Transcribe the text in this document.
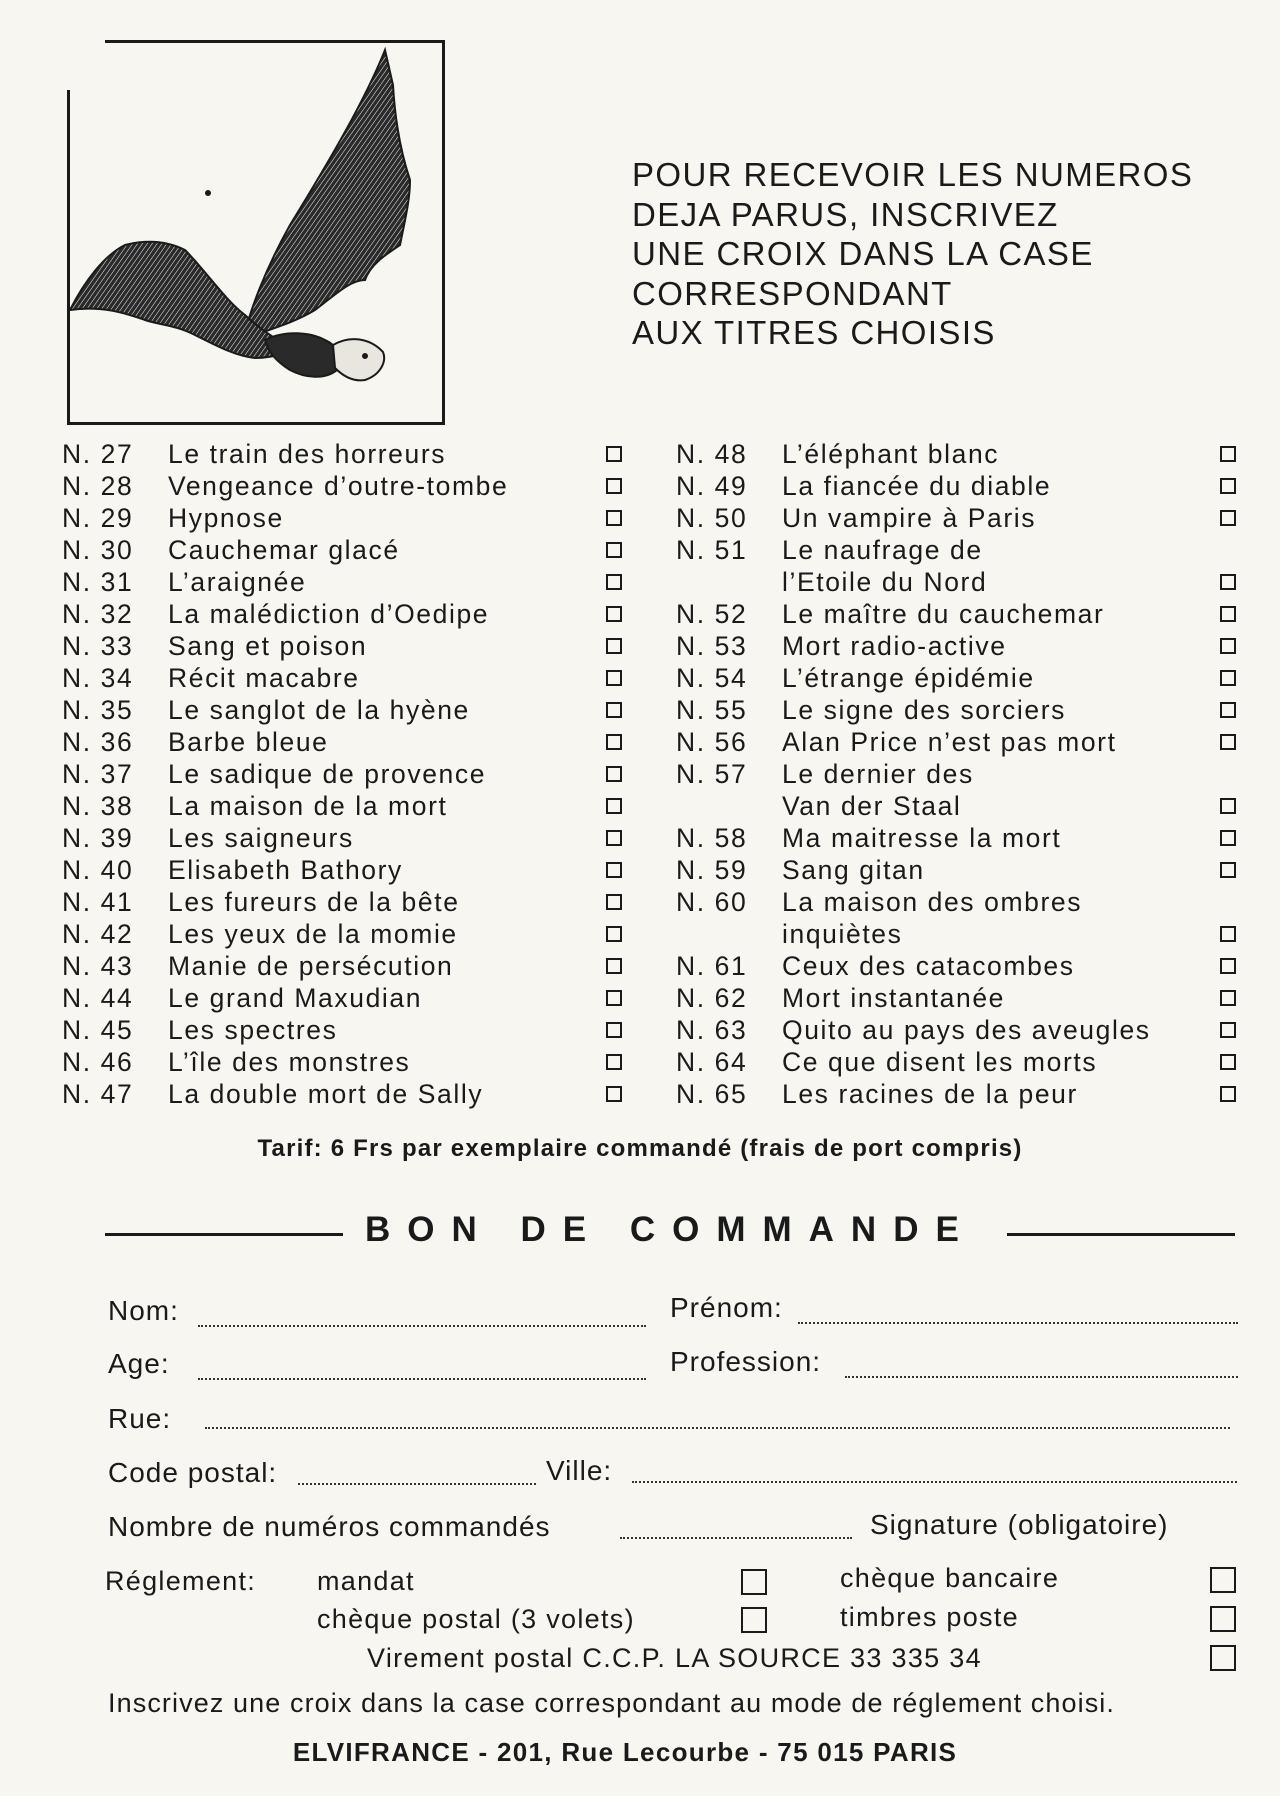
POUR RECEVOIR LES NUMEROS
DEJA PARUS, INSCRIVEZ
UNE CROIX DANS LA CASE
CORRESPONDANT
AUX TITRES CHOISIS
N. 27 Le train des horreurs
N. 28 Vengeance d’outre-tombe
N. 29 Hypnose
N. 30 Cauchemar glacé
N. 31 L’araignée
N. 32 La malédiction d’Oedipe
N. 33 Sang et poison
N. 34 Récit macabre
N. 35 Le sanglot de la hyène
N. 36 Barbe bleue
N. 37 Le sadique de provence
N. 38 La maison de la mort
N. 39 Les saigneurs
N. 40 Elisabeth Bathory
N. 41 Les fureurs de la bête
N. 42 Les yeux de la momie
N. 43 Manie de persécution
N. 44 Le grand Maxudian
N. 45 Les spectres
N. 46 L’île des monstres
N. 47 La double mort de Sally
N. 48 L’éléphant blanc
N. 49 La fiancée du diable
N. 50 Un vampire à Paris
N. 51 Le naufrage de
l’Etoile du Nord
N. 52 Le maître du cauchemar
N. 53 Mort radio-active
N. 54 L’étrange épidémie
N. 55 Le signe des sorciers
N. 56 Alan Price n’est pas mort
N. 57 Le dernier des
Van der Staal
N. 58 Ma maitresse la mort
N. 59 Sang gitan
N. 60 La maison des ombres
inquiètes
N. 61 Ceux des catacombes
N. 62 Mort instantanée
N. 63 Quito au pays des aveugles
N. 64 Ce que disent les morts
N. 65 Les racines de la peur
Tarif: 6 Frs par exemplaire commandé (frais de port compris)
BON DE COMMANDE
Nom:	Prénom:
Age:	Profession:
Rue:
Code postal:	Ville:
Nombre de numéros commandés	Signature (obligatoire)
Réglement: mandat	chèque bancaire
chèque postal (3 volets)	timbres poste
Virement postal C.C.P. LA SOURCE 33 335 34
Inscrivez une croix dans la case correspondant au mode de réglement choisi.
ELVIFRANCE - 201, Rue Lecourbe - 75 015 PARIS
